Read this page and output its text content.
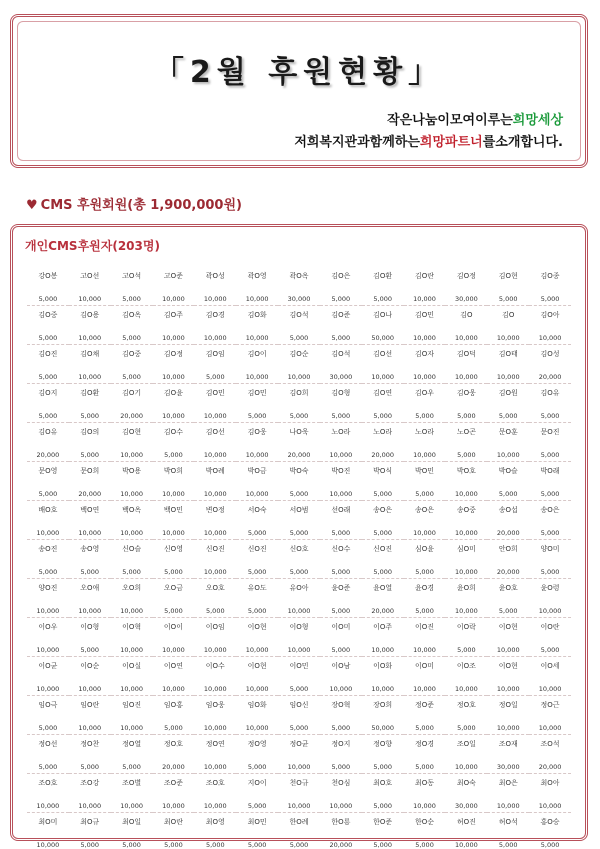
「2월 후원현황」
작은나눔이모여이루는희망세상
저희복지관과함께하는희망파트너를소개합니다.
♥ CMS 후원회원(총 1,900,000원)
개인CMS후원자(203명)
강O봉
5,000
고O선
10,000
고O석
5,000
고O준
10,000
곽O성
10,000
곽O영
10,000
곽O옥
30,000
김O은
5,000
김O환
5,000
김O란
10,000
김O정
30,000
김O현
5,000
김O종
5,000
김O중
5,000
김O용
10,000
김O옥
5,000
김O주
10,000
김O경
10,000
김O화
10,000
김O석
5,000
김O준
5,000
김O나
50,000
김O민
10,000
김O
10,000
김O
10,000
김O아
10,000
김O진
5,000
김O채
10,000
김O중
5,000
김O정
10,000
김O임
5,000
김O이
10,000
김O순
10,000
김O석
30,000
김O선
10,000
김O자
10,000
김O덕
10,000
김O태
10,000
김O성
20,000
김O지
5,000
김O환
5,000
김O기
20,000
김O윤
10,000
김O민
10,000
김O민
5,000
김O희
5,000
김O형
5,000
김O연
5,000
김O우
5,000
김O웅
5,000
김O원
5,000
김O유
5,000
김O유
20,000
김O의
5,000
김O현
10,000
김O수
5,000
김O선
10,000
김O웅
10,000
나O욱
20,000
노O라
10,000
노O라
20,000
노O라
10,000
노O곤
5,000
문O훈
10,000
문O진
5,000
문O영
5,000
문O희
20,000
박O용
10,000
박O희
10,000
박O례
10,000
박O금
10,000
박O숙
5,000
박O진
10,000
박O식
5,000
박O민
5,000
박O호
10,000
박O슬
5,000
박O래
5,000
배O호
10,000
백O연
10,000
백O옥
10,000
백O민
10,000
변O정
10,000
서O숙
5,000
서O범
5,000
선O래
5,000
송O은
5,000
송O은
10,000
송O중
10,000
송O섭
20,000
송O은
5,000
송O진
5,000
송O영
5,000
신O슬
5,000
신O영
5,000
신O진
10,000
신O진
5,000
신O호
5,000
신O수
5,000
신O진
5,000
심O윤
5,000
심O미
10,000
안O희
20,000
양O미
5,000
양O진
10,000
오O애
10,000
오O희
10,000
오O금
5,000
오O호
5,000
유O도
5,000
유O아
10,000
윤O준
5,000
윤O열
20,000
윤O경
5,000
윤O희
10,000
윤O호
5,000
윤O령
10,000
이O우
10,000
이O형
5,000
이O혁
10,000
이O이
10,000
이O임
10,000
이O현
10,000
이O형
10,000
이O미
5,000
이O주
10,000
이O진
10,000
이O락
5,000
이O현
10,000
이O란
5,000
이O균
10,000
이O순
10,000
이O실
10,000
이O연
10,000
이O수
10,000
이O현
10,000
이O민
5,000
이O남
10,000
이O화
10,000
이O미
10,000
이O조
10,000
이O현
10,000
이O세
10,000
임O극
5,000
임O란
10,000
임O진
10,000
임O홍
5,000
임O웅
10,000
임O화
10,000
임O신
5,000
장O혁
5,000
장O희
50,000
정O준
5,000
정O호
5,000
정O일
10,000
정O근
10,000
정O선
5,000
정O찬
5,000
정O열
5,000
정O호
20,000
정O연
10,000
정O영
5,000
정O균
10,000
정O지
5,000
정O향
5,000
정O경
5,000
조O일
10,000
조O재
30,000
조O석
20,000
조O호
10,000
조O강
10,000
조O별
10,000
조O준
10,000
조O호
10,000
지O이
5,000
천O규
10,000
천O심
10,000
최O호
5,000
최O동
10,000
최O숙
30,000
최O은
10,000
최O아
10,000
최O미
10,000
최O규
5,000
최O일
5,000
최O란
5,000
최O영
5,000
최O민
5,000
한O례
5,000
한O룡
20,000
한O준
5,000
한O순
5,000
허O진
10,000
허O석
5,000
홍O승
5,000
